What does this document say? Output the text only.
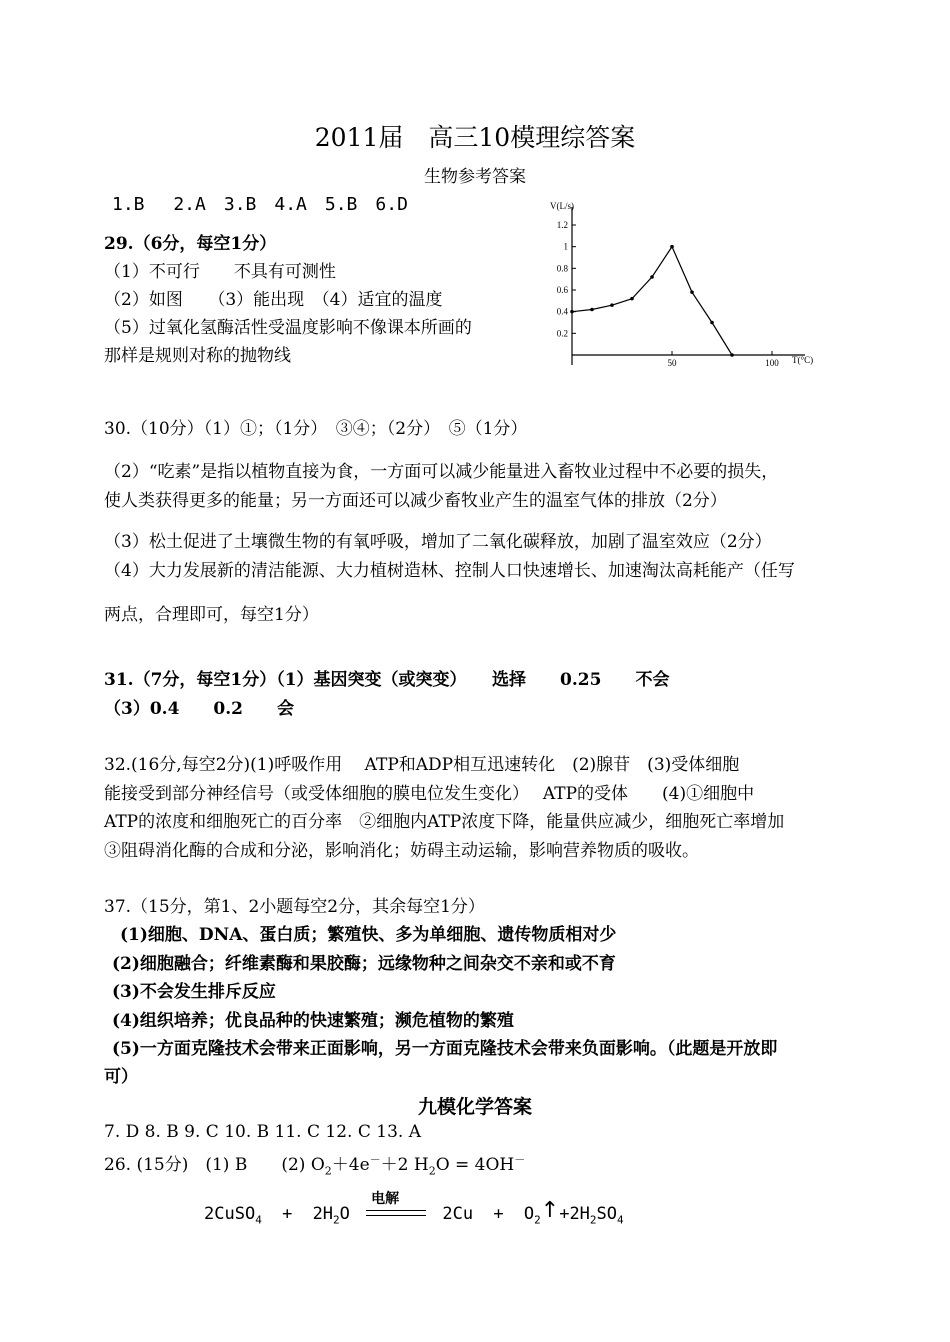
2011届　高三10模理综答案
生物参考答案
1.B　 2.A　3.B　4.A　5.B　6.D
29.（6分，每空1分）
（1）不可行　　不具有可测性
（2）如图　　（3）能出现　（4）适宜的温度
（5）过氧化氢酶活性受温度影响不像课本所画的
那样是规则对称的抛物线
V(L/s)
T(°C)
1.2
1
0.8
0.6
0.4
0.2
50	100
30.（10分）（1）①；（1分）　③④；（2分）　⑤（1分）
（2）“吃素”是指以植物直接为食，一方面可以减少能量进入畜牧业过程中不必要的损失，
使人类获得更多的能量；另一方面还可以减少畜牧业产生的温室气体的排放（2分）
（3）松土促进了土壤微生物的有氧呼吸，增加了二氧化碳释放，加剧了温室效应（2分）
（4）大力发展新的清洁能源、大力植树造林、控制人口快速增长、加速淘汰高耗能产（任写
两点，合理即可，每空1分）
31.（7分，每空1分）（1）基因突变（或突变）　　选择　　0.25　　不会
（3）0.4　　0.2　　会
32.(16分,每空2分)(1)呼吸作用　 ATP和ADP相互迅速转化　(2)腺苷　(3)受体细胞
能接受到部分神经信号（或受体细胞的膜电位发生变化）　 ATP的受体　　(4)①细胞中
ATP的浓度和细胞死亡的百分率　②细胞内ATP浓度下降，能量供应减少，细胞死亡率增加
③阻碍消化酶的合成和分泌，影响消化；妨碍主动运输，影响营养物质的吸收。
37.（15分，第1、2小题每空2分，其余每空1分）
(1)细胞、DNA、蛋白质；繁殖快、多为单细胞、遗传物质相对少
(2)细胞融合；纤维素酶和果胶酶；远缘物种之间杂交不亲和或不育
(3)不会发生排斥反应
(4)组织培养；优良品种的快速繁殖；濒危植物的繁殖
(5)一方面克隆技术会带来正面影响，另一方面克隆技术会带来负面影响。（此题是开放即
可）
九模化学答案
7. D 8. B 9. C 10. B 11. C 12. C 13. A
26. (15分)　(1) B　　(2) $O_2+4e^-+2$ $H_2O = 4OH^-$
2CuSO$_4$ + $2H_2O$
电解
$2Cu + O_2↑+2H_2SO_4$
